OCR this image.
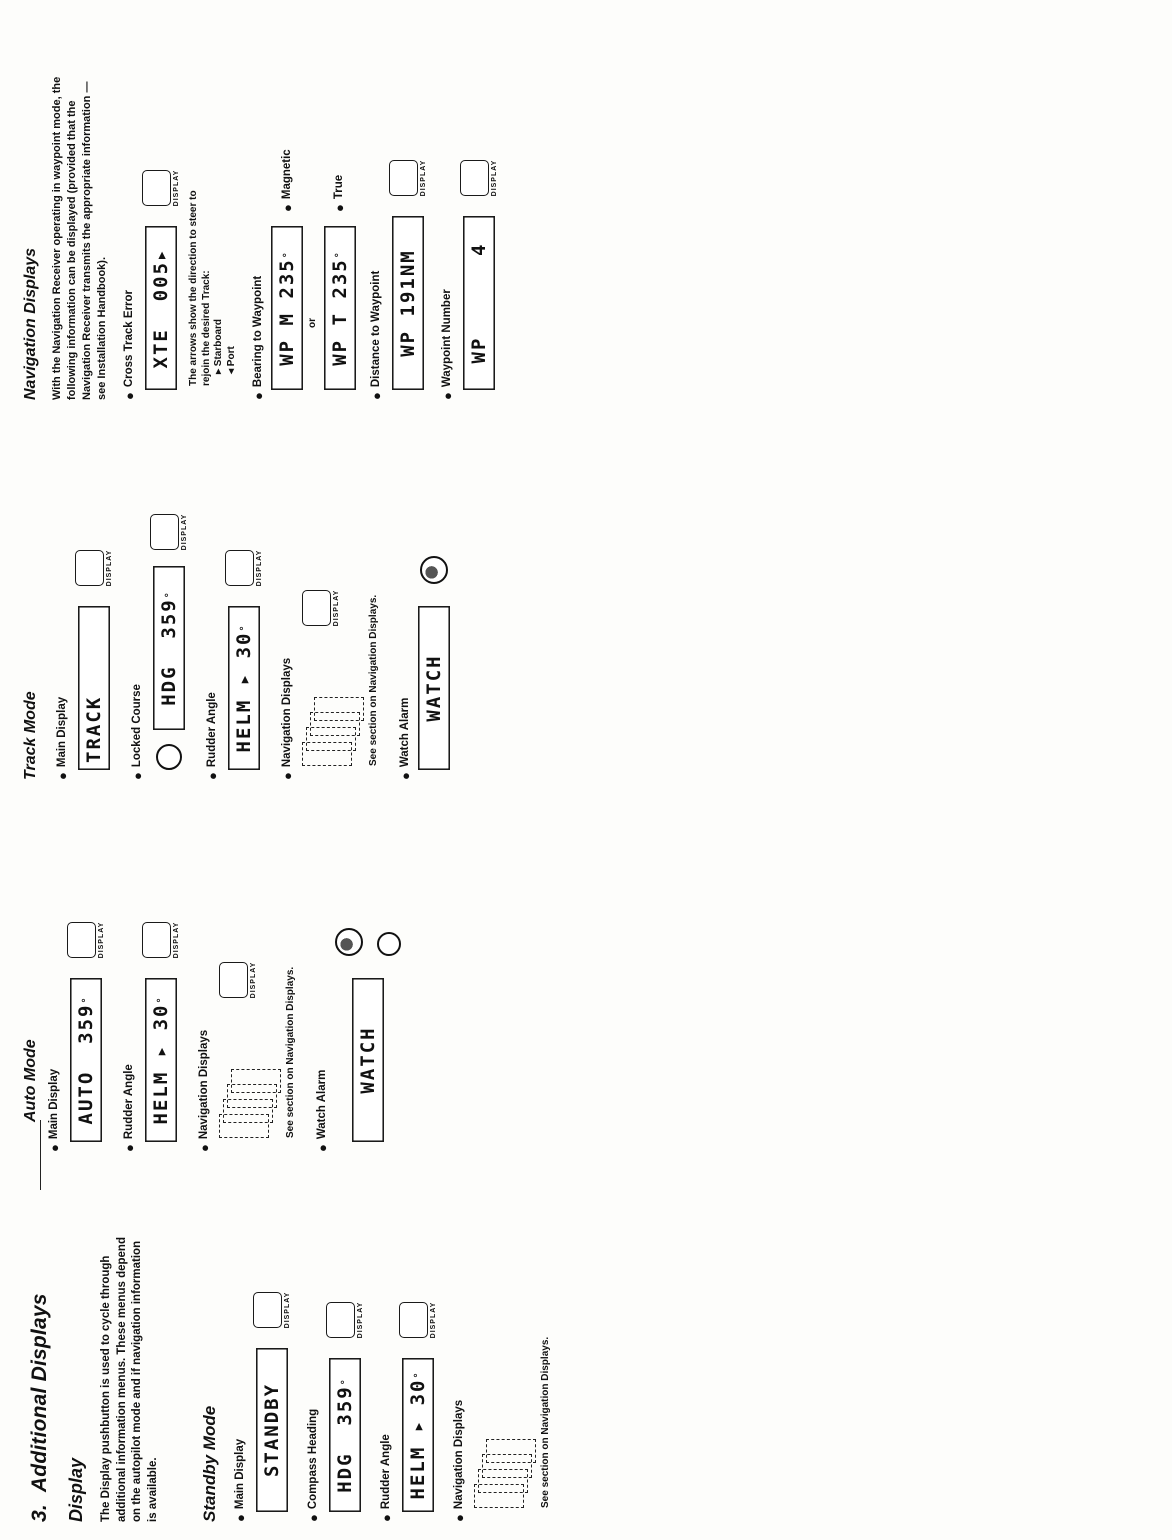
3.
Additional Displays Display The Display pushbutton is used to cycle through additional information menus. These menus depend on the autopilot mode and if navigation information is available. Standby Mode ●
Main Display STANDBY
DISPLAY
●
Compass Heading HDG  359
°
DISPLAY
●
Rudder Angle HELM ▸ 30
°
DISPLAY
●
Navigation Displays	See section on Navigation Displays.
Auto Mode
●
Main Display AUTO  359
°
DISPLAY
●
Rudder Angle HELM ▸ 30
°
DISPLAY
●
Navigation Displays
DISPLAY	See section on Navigation Displays.
●
Watch Alarm
WATCH
Track Mode ●
Main Display TRACK
DISPLAY
●
Locked Course
HDG  359
°
DISPLAY
●
Rudder Angle HELM ▸ 30
°
DISPLAY
●
Navigation Displays
DISPLAY	See section on Navigation Displays.
●
Watch Alarm
WATCH
Navigation Displays With the Navigation Receiver operating in waypoint mode, the following information can be displayed (provided that the Navigation Receiver transmits the appropriate information — see Installation Handbook). ●
Cross Track Error XTE  005▸
DISPLAY
The arrows show the direction to steer to rejoin the desired Track: ▸ Starboard ◂ Port
●
Bearing to Waypoint WP M 235
°
●
Magnetic
or WP T 235
°
●
True
●
Distance to Waypoint WP 191NM
DISPLAY
●
Waypoint Number WP      4
DISPLAY
